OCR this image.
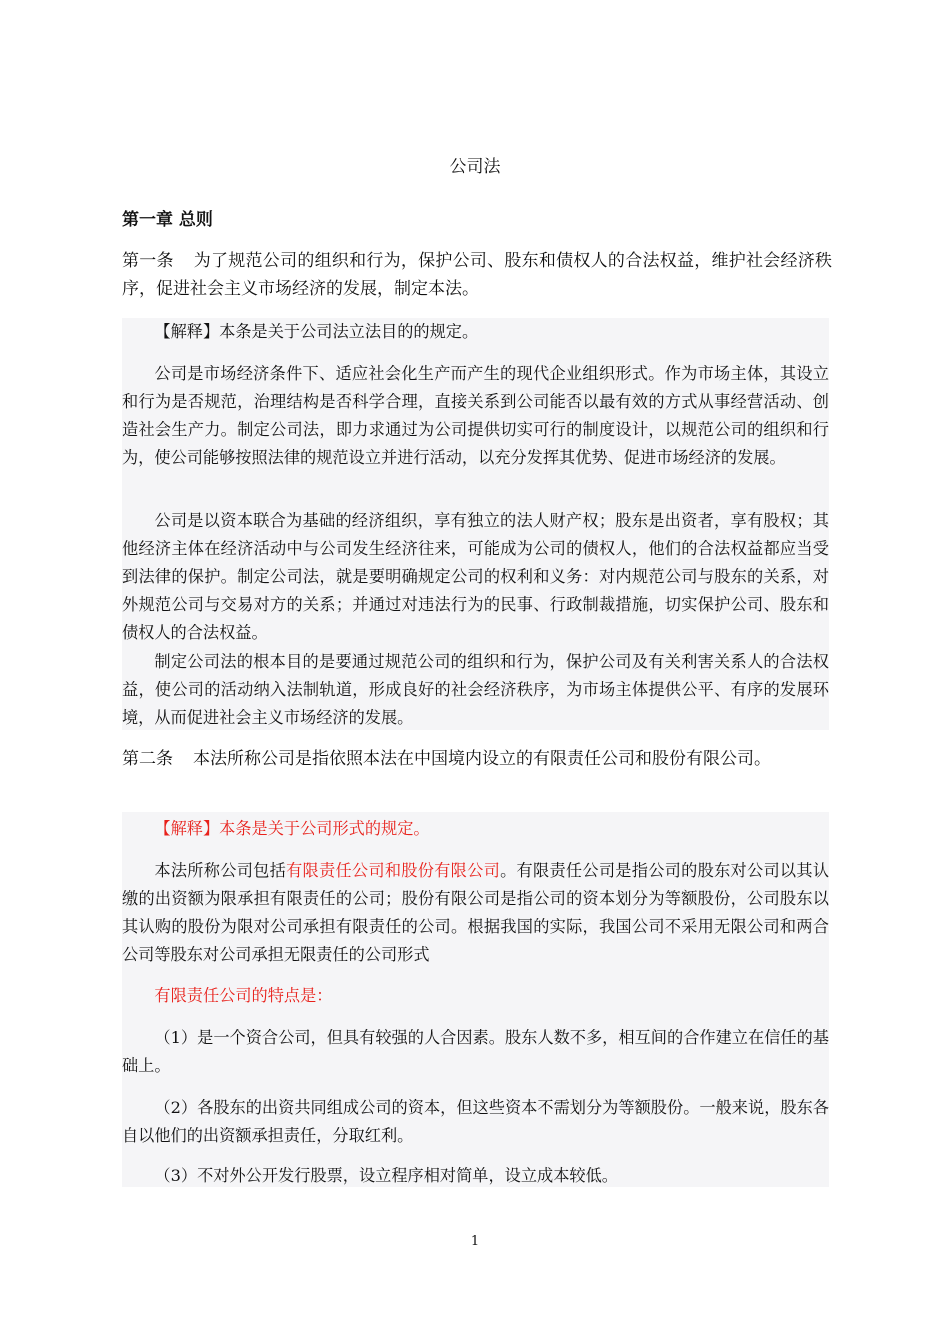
公司法
第一章 总则
第一条 为了规范公司的组织和行为，保护公司、股东和债权人的合法权益，维护社会经济秩序，促进社会主义市场经济的发展，制定本法。
【解释】本条是关于公司法立法目的的规定。
公司是市场经济条件下、适应社会化生产而产生的现代企业组织形式。作为市场主体，其设立和行为是否规范，治理结构是否科学合理，直接关系到公司能否以最有效的方式从事经营活动、创造社会生产力。制定公司法，即力求通过为公司提供切实可行的制度设计，以规范公司的组织和行为，使公司能够按照法律的规范设立并进行活动，以充分发挥其优势、促进市场经济的发展。
公司是以资本联合为基础的经济组织，享有独立的法人财产权；股东是出资者，享有股权；其他经济主体在经济活动中与公司发生经济往来，可能成为公司的债权人，他们的合法权益都应当受到法律的保护。制定公司法，就是要明确规定公司的权利和义务：对内规范公司与股东的关系，对外规范公司与交易对方的关系；并通过对违法行为的民事、行政制裁措施，切实保护公司、股东和债权人的合法权益。
制定公司法的根本目的是要通过规范公司的组织和行为，保护公司及有关利害关系人的合法权益，使公司的活动纳入法制轨道，形成良好的社会经济秩序，为市场主体提供公平、有序的发展环境，从而促进社会主义市场经济的发展。
第二条 本法所称公司是指依照本法在中国境内设立的有限责任公司和股份有限公司。
【解释】本条是关于公司形式的规定。
本法所称公司包括有限责任公司和股份有限公司。有限责任公司是指公司的股东对公司以其认缴的出资额为限承担有限责任的公司；股份有限公司是指公司的资本划分为等额股份，公司股东以其认购的股份为限对公司承担有限责任的公司。根据我国的实际，我国公司不采用无限公司和两合公司等股东对公司承担无限责任的公司形式
有限责任公司的特点是：
（1）是一个资合公司，但具有较强的人合因素。股东人数不多，相互间的合作建立在信任的基础上。
（2）各股东的出资共同组成公司的资本，但这些资本不需划分为等额股份。一般来说，股东各自以他们的出资额承担责任，分取红利。
（3）不对外公开发行股票，设立程序相对简单，设立成本较低。
1
